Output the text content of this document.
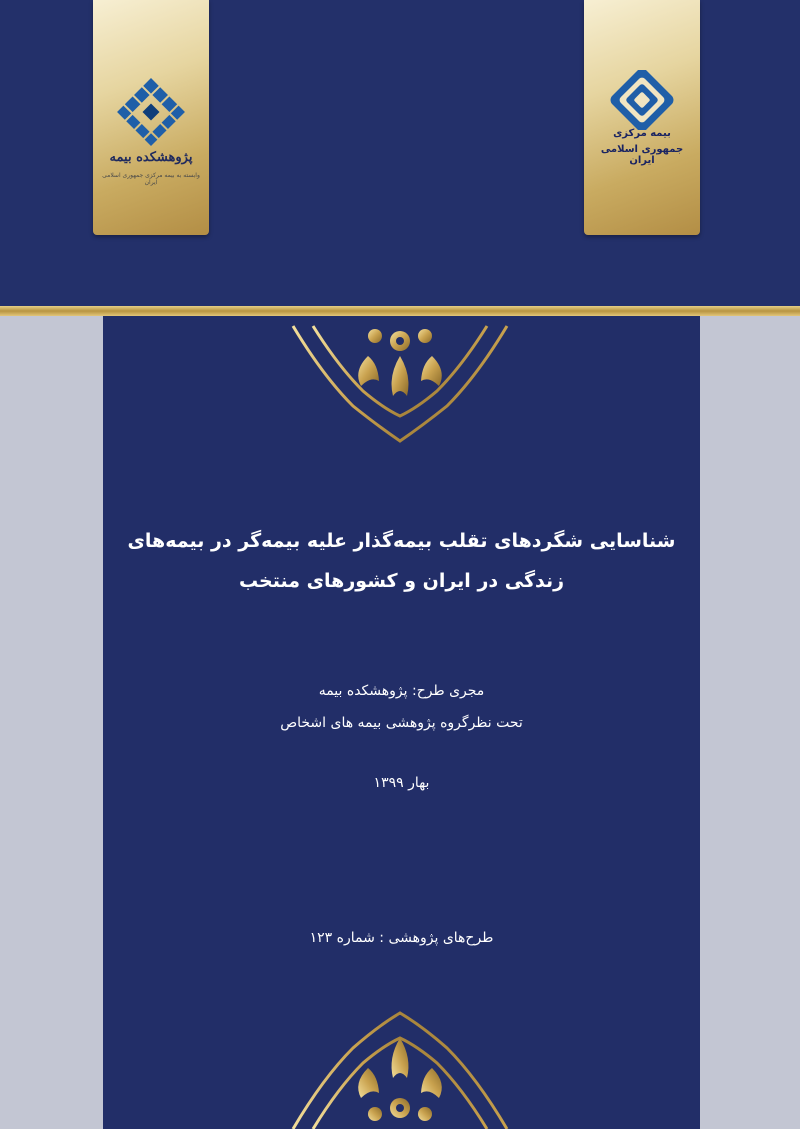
پژوهشکده بیمه
وابسته به بیمه مرکزی جمهوری اسلامی ایران
بیمه مرکزی
جمهوری اسلامی ایران
شناسایی شگردهای تقلب بیمه‌گذار علیه بیمه‌گر در بیمه‌های
زندگی در ایران و کشورهای منتخب
مجری طرح: پژوهشکده بیمه
تحت نظرگروه پژوهشی بیمه های اشخاص
بهار ۱۳۹۹
طرح‌های پژوهشی : شماره ۱۲۳
